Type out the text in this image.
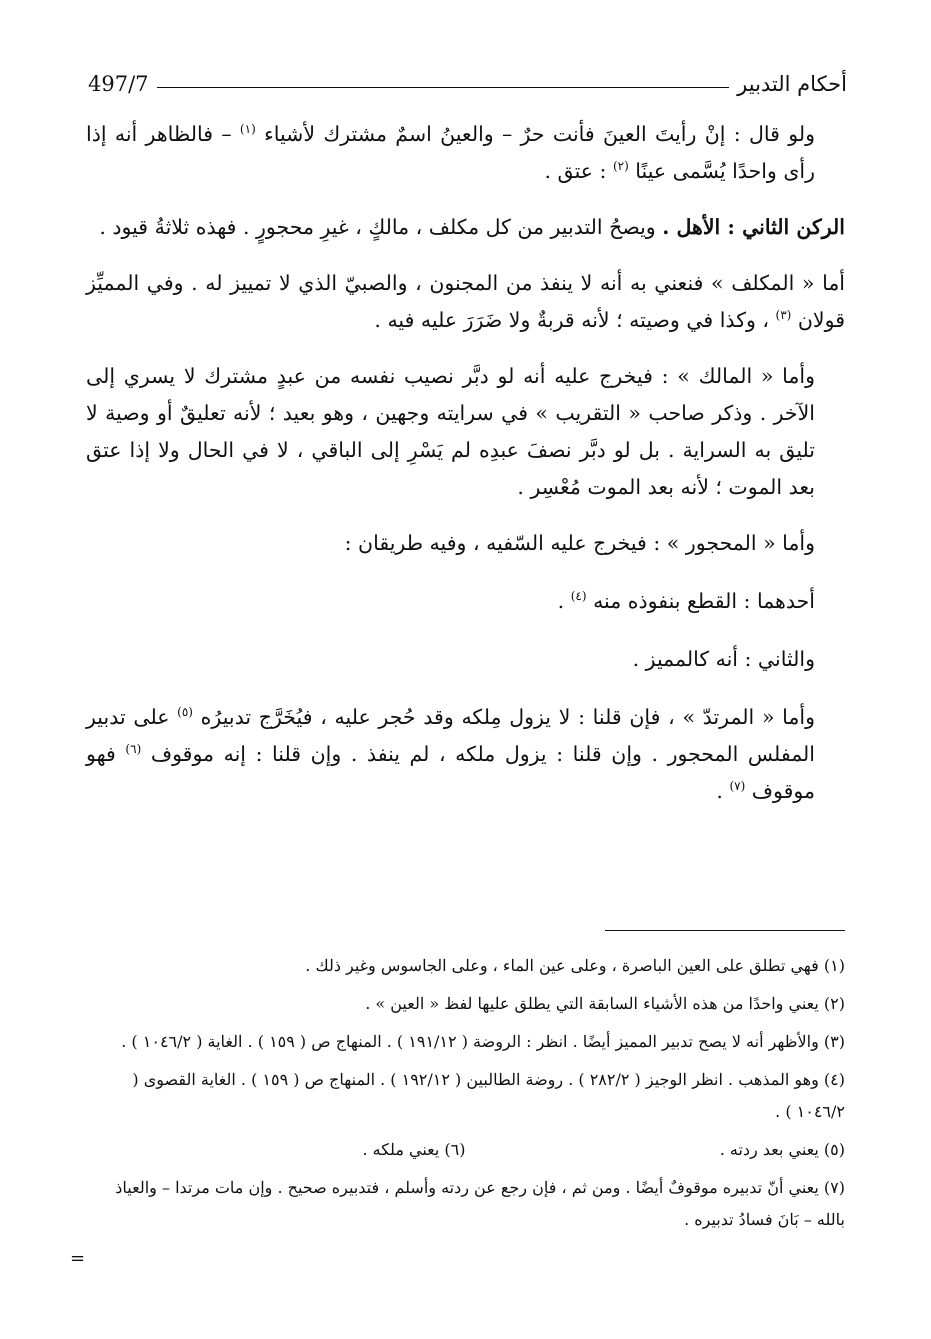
أحكام التدبير
497/7

ولو قال : إنْ رأيتَ العينَ فأنت حرٌ – والعينُ اسمٌ مشترك لأشياء $^{(١)}$ – فالظاهر أنه إذا رأى واحدًا يُسَّمى عينًا $^{(٢)}$ : عتق .

الركن الثاني : الأهل . ويصحُ التدبير من كل مكلف ، مالكٍ ، غيرِ محجورٍ . فهذه ثلاثةُ قيود .

أما « المكلف » فنعني به أنه لا ينفذ من المجنون ، والصبيّ الذي لا تمييز له . وفي المميِّز قولان $^{(٣)}$ ، وكذا في وصيته ؛ لأنه قربةٌ ولا ضَرَرَ عليه فيه .

وأما « المالك » : فيخرج عليه أنه لو دبَّر نصيب نفسه من عبدٍ مشترك لا يسري إلى الآخر . وذكر صاحب « التقريب » في سرايته وجهين ، وهو بعيد ؛ لأنه تعليقٌ أو وصية لا تليق به السراية . بل لو دبَّر نصفَ عبدِه لم يَسْرِ إلى الباقي ، لا في الحال ولا إذا عتق بعد الموت ؛ لأنه بعد الموت مُعْسِر .

وأما « المحجور » : فيخرج عليه السّفيه ، وفيه طريقان :

أحدهما : القطع بنفوذه منه $^{(٤)}$ .

والثاني : أنه كالمميز .

وأما « المرتدّ » ، فإن قلنا : لا يزول مِلكه وقد حُجر عليه ، فيُخَرَّج تدبيرُه $^{(٥)}$ على تدبير المفلس المحجور . وإن قلنا : يزول ملكه ، لم ينفذ . وإن قلنا : إنه موقوف $^{(٦)}$ فهو موقوف $^{(٧)}$ .

(١) فهي تطلق على العين الباصرة ، وعلى عين الماء ، وعلى الجاسوس وغير ذلك .
(٢) يعني واحدًا من هذه الأشياء السابقة التي يطلق عليها لفظ « العين » .
(٣) والأظهر أنه لا يصح تدبير المميز أيضًا . انظر : الروضة ( ١٩١/١٢ ) . المنهاج ص ( ١٥٩ ) . الغاية ( ١٠٤٦/٢ ) .
(٤) وهو المذهب . انظر الوجيز ( ٢٨٢/٢ ) . روضة الطالبين ( ١٩٢/١٢ ) . المنهاج ص ( ١٥٩ ) . الغاية القصوى ( ١٠٤٦/٢ ) .
(٥) يعني بعد ردته .
(٦) يعني ملكه .
(٧) يعني أنّ تدبيره موقوفٌ أيضًا . ومن ثم ، فإن رجع عن ردته وأسلم ، فتدبيره صحيح . وإن مات مرتدا – والعياذ بالله – بَانَ فسادُ تدبيره .
=
